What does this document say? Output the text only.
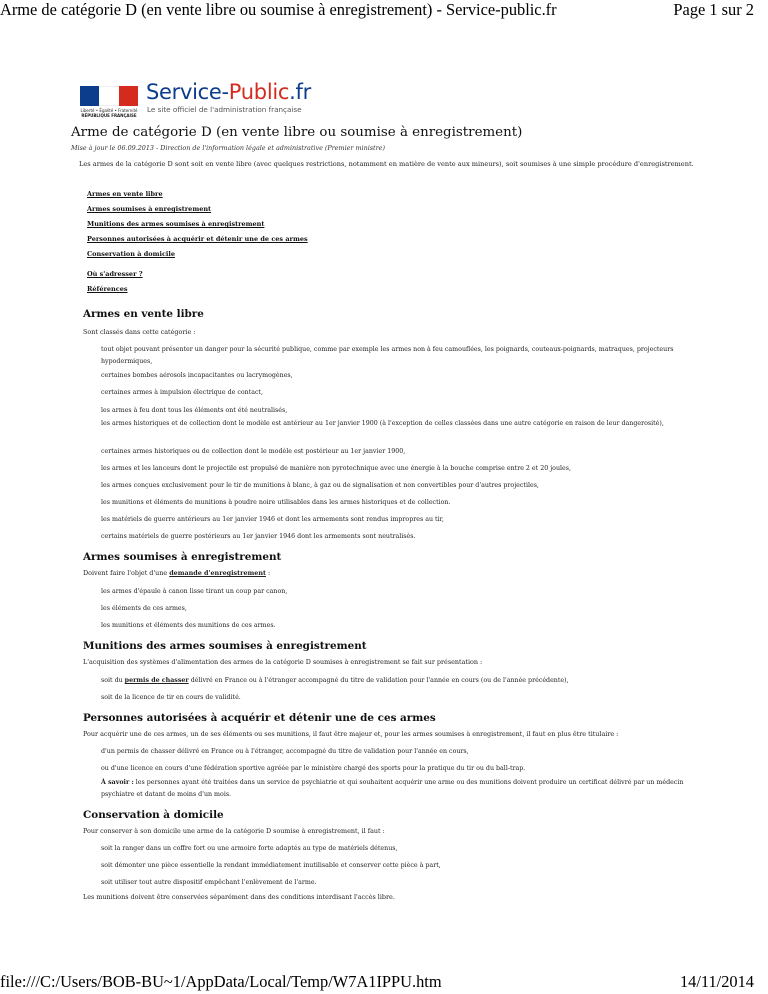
Arme de catégorie D (en vente libre ou soumise à enregistrement) - Service-public.fr	Page 1 sur 2
Liberté • Égalité • Fraternité
RÉPUBLIQUE FRANÇAISE
Service-Public.fr
Le site officiel de l'administration française
Arme de catégorie D (en vente libre ou soumise à enregistrement)
Mise à jour le 06.09.2013 - Direction de l'information légale et administrative (Premier ministre)

Les armes de la catégorie D sont soit en vente libre (avec quelques restrictions, notamment en matière de vente aux mineurs), soit soumises à une simple procédure d'enregistrement.

Armes en vente libre
Armes soumises à enregistrement
Munitions des armes soumises à enregistrement
Personnes autorisées à acquérir et détenir une de ces armes
Conservation à domicile
Où s'adresser ?
Références
Armes en vente libre

Sont classés dans cette catégorie :

tout objet pouvant présenter un danger pour la sécurité publique, comme par exemple les armes non à feu camouflées, les poignards, couteaux-poignards, matraques, projecteurs hypodermiques,

certaines bombes aérosols incapacitantes ou lacrymogènes,

certaines armes à impulsion électrique de contact,

les armes à feu dont tous les éléments ont été neutralisés,

les armes historiques et de collection dont le modèle est antérieur au 1er janvier 1900 (à l'exception de celles classées dans une autre catégorie en raison de leur dangerosité),

certaines armes historiques ou de collection dont le modèle est postérieur au 1er janvier 1900,

les armes et les lanceurs dont le projectile est propulsé de manière non pyrotechnique avec une énergie à la bouche comprise entre 2 et 20 joules,

les armes conçues exclusivement pour le tir de munitions à blanc, à gaz ou de signalisation et non convertibles pour d'autres projectiles,

les munitions et éléments de munitions à poudre noire utilisables dans les armes historiques et de collection.

les matériels de guerre antérieurs au 1er janvier 1946 et dont les armements sont rendus impropres au tir,

certains matériels de guerre postérieurs au 1er janvier 1946 dont les armements sont neutralisés.

Armes soumises à enregistrement

Doivent faire l'objet d'une demande d'enregistrement :

les armes d'épaule à canon lisse tirant un coup par canon,

les éléments de ces armes,

les munitions et éléments des munitions de ces armes.

Munitions des armes soumises à enregistrement

L'acquisition des systèmes d'alimentation des armes de la catégorie D soumises à enregistrement se fait sur présentation :

soit du permis de chasser délivré en France ou à l'étranger accompagné du titre de validation pour l'année en cours (ou de l'année précédente),

soit de la licence de tir en cours de validité.

Personnes autorisées à acquérir et détenir une de ces armes

Pour acquérir une de ces armes, un de ses éléments ou ses munitions, il faut être majeur et, pour les armes soumises à enregistrement, il faut en plus être titulaire :

d'un permis de chasser délivré en France ou à l'étranger, accompagné du titre de validation pour l'année en cours,

ou d'une licence en cours d'une fédération sportive agréée par le ministère chargé des sports pour la pratique du tir ou du ball-trap.

À savoir : les personnes ayant été traitées dans un service de psychiatrie et qui souhaitent acquérir une arme ou des munitions doivent produire un certificat délivré par un médecin psychiatre et datant de moins d'un mois.

Conservation à domicile

Pour conserver à son domicile une arme de la catégorie D soumise à enregistrement, il faut :

soit la ranger dans un coffre fort ou une armoire forte adaptés au type de matériels détenus,

soit démonter une pièce essentielle la rendant immédiatement inutilisable et conserver cette pièce à part,

soit utiliser tout autre dispositif empêchant l'enlèvement de l'arme.

Les munitions doivent être conservées séparément dans des conditions interdisant l'accès libre.

file:///C:/Users/BOB-BU~1/AppData/Local/Temp/W7A1IPPU.htm	14/11/2014
